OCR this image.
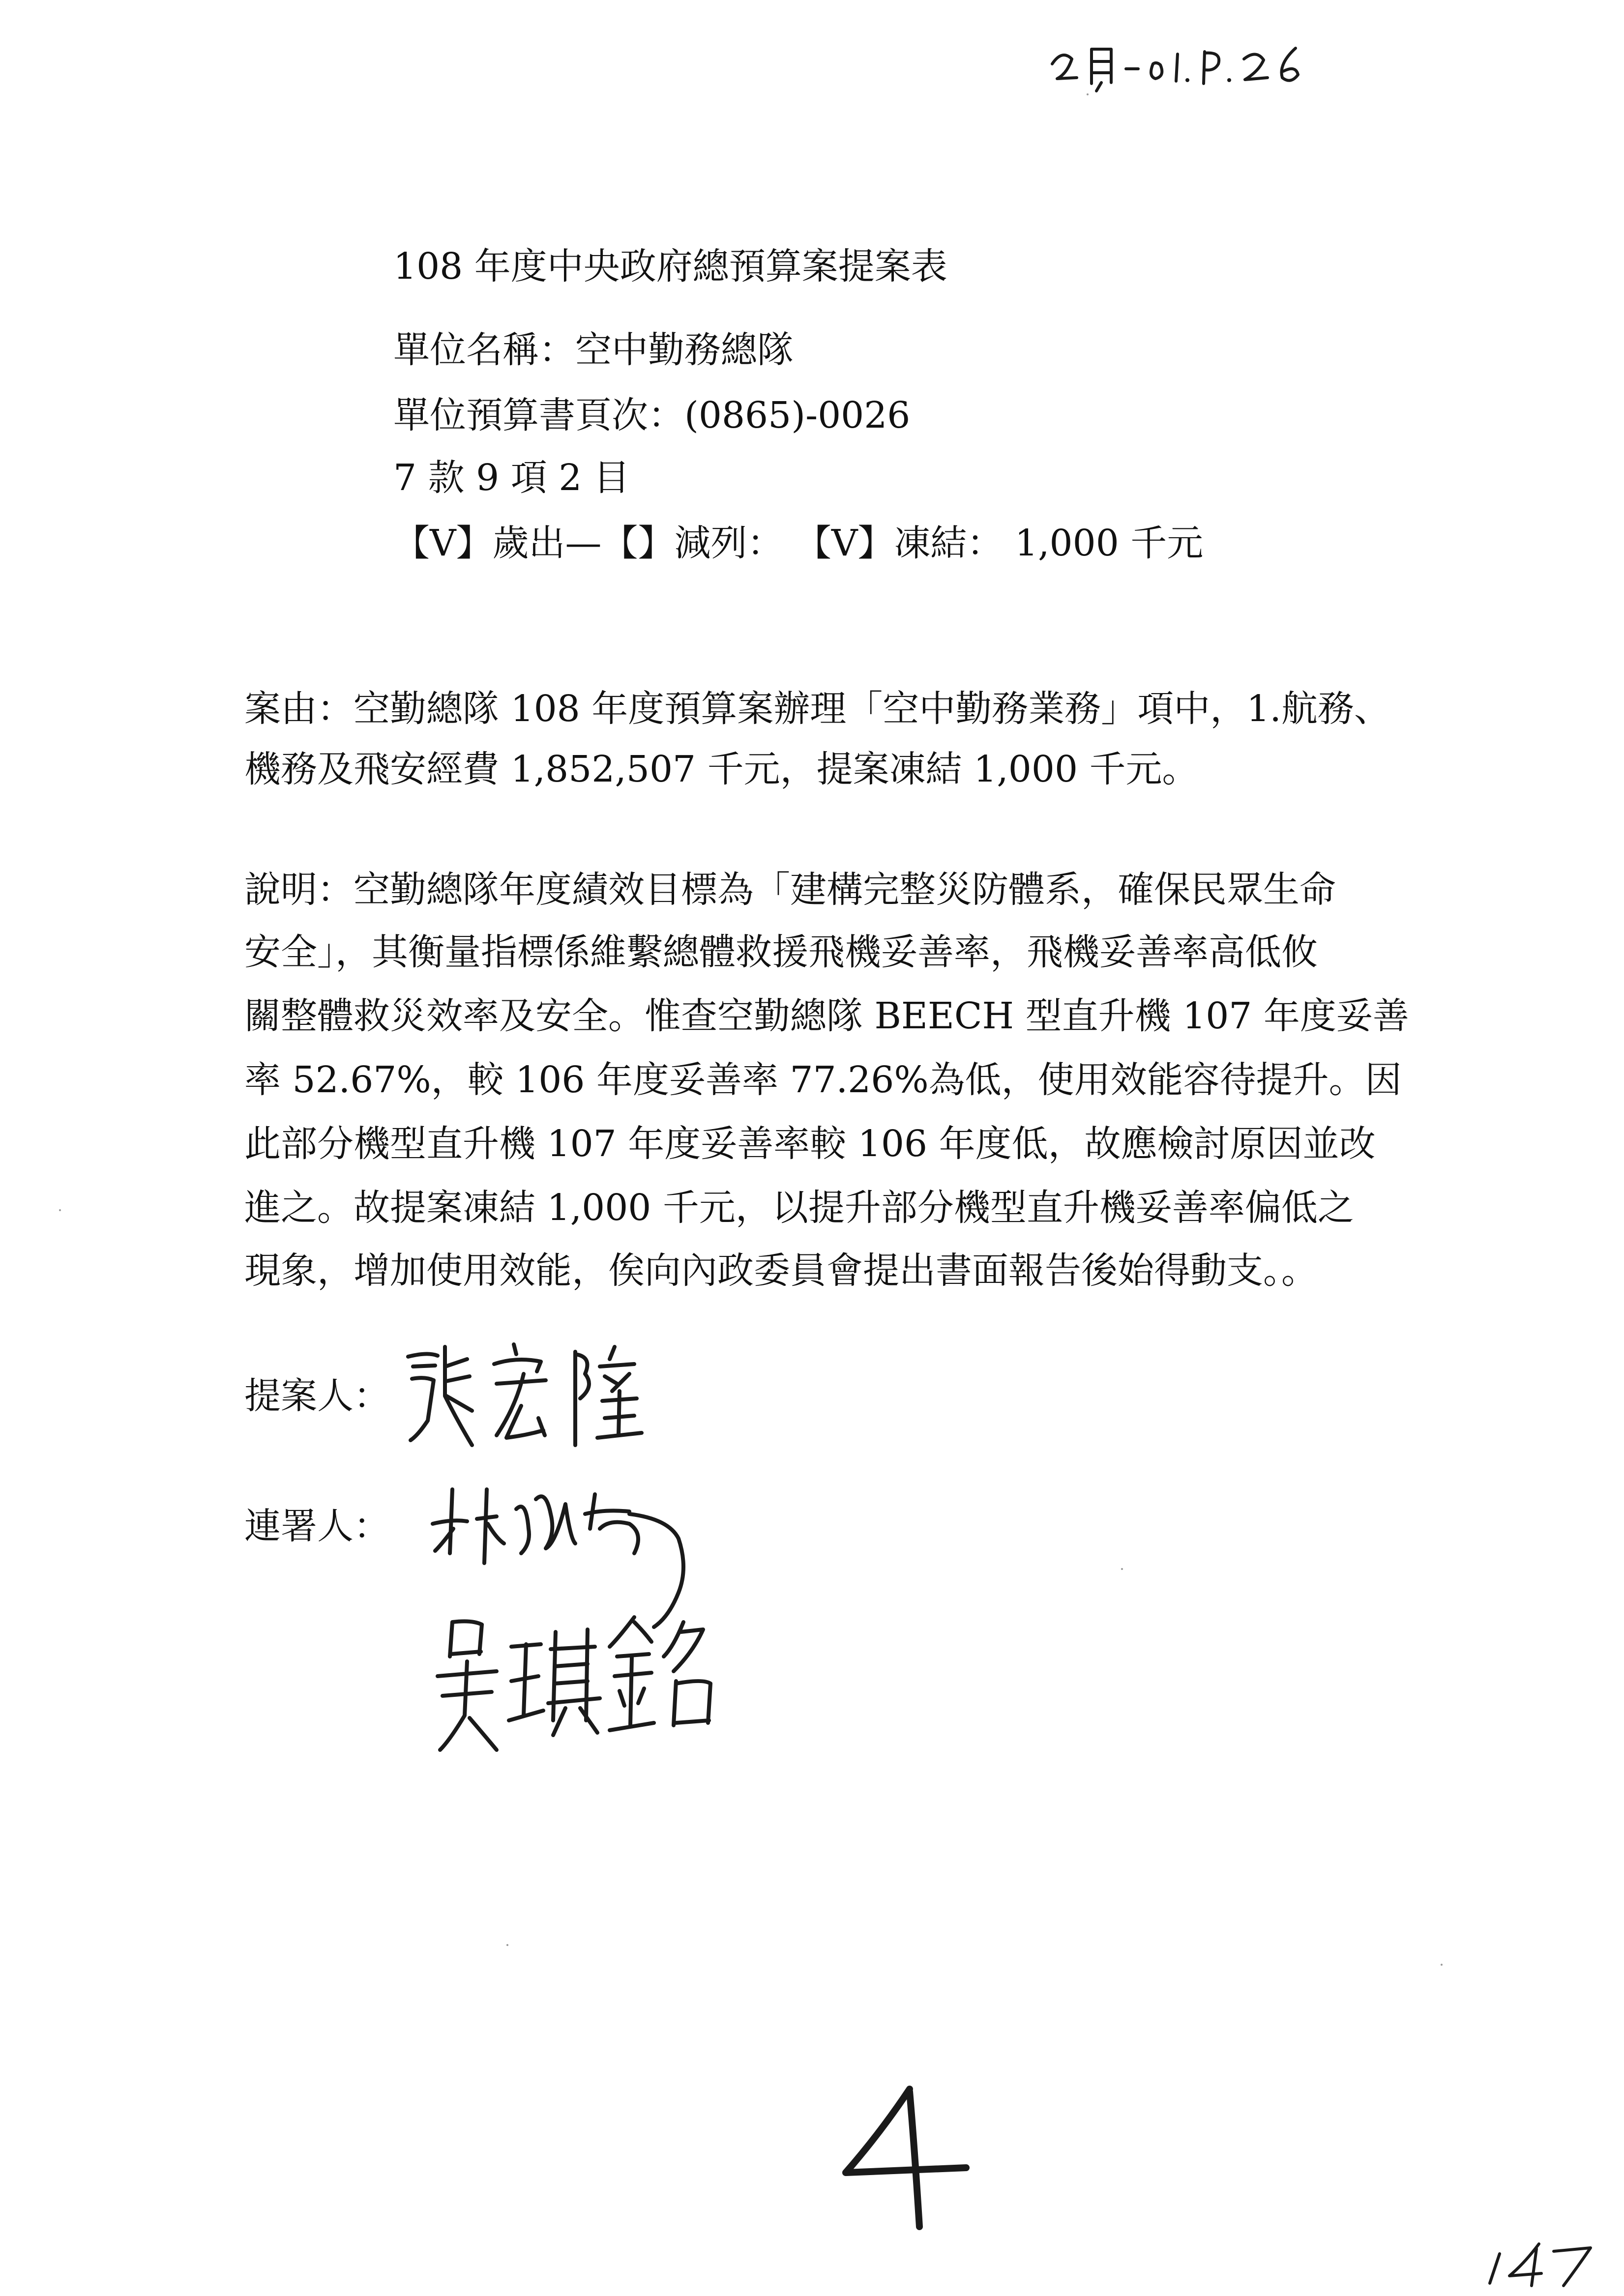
108 年度中央政府總預算案提案表
單位名稱：空中勤務總隊
單位預算書頁次：(0865)-0026
7 款 9 項 2 目
【V】歲出—【】減列： 【V】凍結： 1,000 千元
案由：空勤總隊 108 年度預算案辦理「空中勤務業務」項中，1.航務、
機務及飛安經費 1,852,507 千元，提案凍結 1,000 千元。
說明：空勤總隊年度績效目標為「建構完整災防體系，確保民眾生命
安全」，其衡量指標係維繫總體救援飛機妥善率，飛機妥善率高低攸
關整體救災效率及安全。惟查空勤總隊 BEECH 型直升機 107 年度妥善
率 52.67%，較 106 年度妥善率 77.26%為低，使用效能容待提升。因
此部分機型直升機 107 年度妥善率較 106 年度低，故應檢討原因並改
進之。故提案凍結 1,000 千元，以提升部分機型直升機妥善率偏低之
現象，增加使用效能，俟向內政委員會提出書面報告後始得動支。。
提案人：
連署人：
